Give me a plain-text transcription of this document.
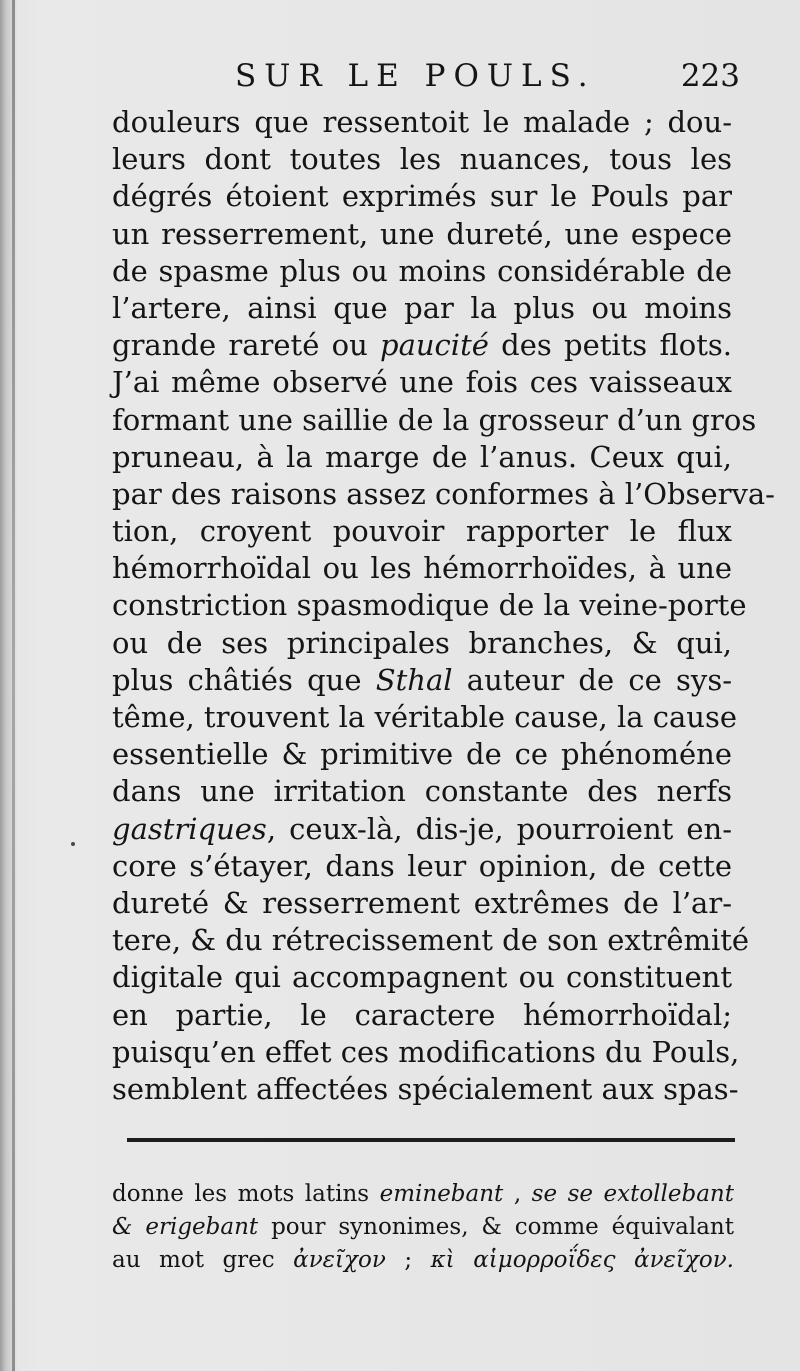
SUR LE POULS.	223
douleurs que ressentoit le malade ; dou-
leurs dont toutes les nuances, tous les
dégrés étoient exprimés sur le Pouls par
un resserrement, une dureté, une espece
de spasme plus ou moins considérable de
l’artere, ainsi que par la plus ou moins
grande rareté ou paucité des petits flots.
J’ai même observé une fois ces vaisseaux
formant une saillie de la grosseur d’un gros
pruneau, à la marge de l’anus. Ceux qui,
par des raisons assez conformes à l’Observa-
tion, croyent pouvoir rapporter le flux
hémorrhoïdal ou les hémorrhoïdes, à une
constriction spasmodique de la veine-porte
ou de ses principales branches, & qui,
plus châtiés que Sthal auteur de ce sys-
tême, trouvent la véritable cause, la cause
essentielle & primitive de ce phénoméne
dans une irritation constante des nerfs
gastriques, ceux-là, dis-je, pourroient en-
core s’étayer, dans leur opinion, de cette
dureté & resserrement extrêmes de l’ar-
tere, & du rétrecissement de son extrêmité
digitale qui accompagnent ou constituent
en partie, le caractere hémorrhoïdal;
puisqu’en effet ces modifications du Pouls,
semblent affectées spécialement aux spas-
donne les mots latins eminebant , se se extollebant
& erigebant pour synonimes, & comme équivalant
au mot grec ἀνεῖχον ; κὶ αἱμορροΐδες ἀνεῖχον.
